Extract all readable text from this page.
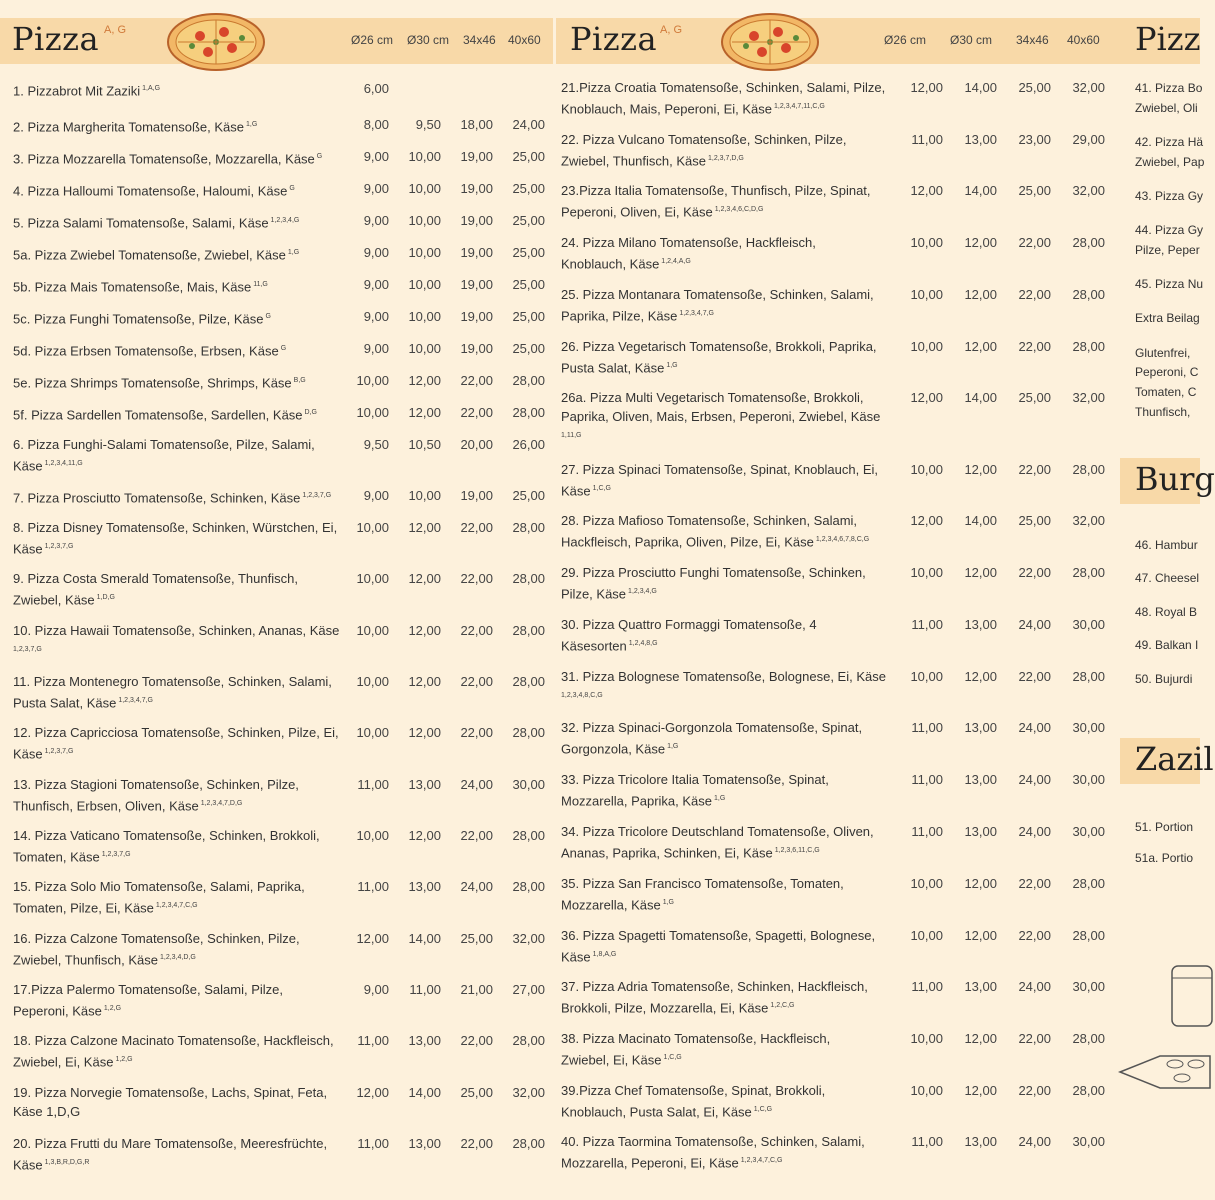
Pizza A, G
Ø26 cm Ø30 cm 34x46 40x60
1. Pizzabrot Mit Zaziki $^{1,A,G}$	6,00
2. Pizza Margherita Tomatensoße, Käse $^{1,G}$	8,00	9,50	18,00	24,00
3. Pizza Mozzarella Tomatensoße, Mozzarella, Käse $^G$	9,00	10,00	19,00	25,00
4. Pizza Halloumi Tomatensoße, Haloumi, Käse $^G$	9,00	10,00	19,00	25,00
5. Pizza Salami Tomatensoße, Salami, Käse $^{1,2,3,4,G}$	9,00	10,00	19,00	25,00
5a. Pizza Zwiebel Tomatensoße, Zwiebel, Käse $^{1,G}$	9,00	10,00	19,00	25,00
5b. Pizza Mais Tomatensoße, Mais, Käse $^{11,G}$	9,00	10,00	19,00	25,00
5c. Pizza Funghi Tomatensoße, Pilze, Käse $^G$	9,00	10,00	19,00	25,00
5d. Pizza Erbsen Tomatensoße, Erbsen, Käse $^G$	9,00	10,00	19,00	25,00
5e. Pizza Shrimps Tomatensoße, Shrimps, Käse $^{B,G}$	10,00	12,00	22,00	28,00
5f. Pizza Sardellen Tomatensoße, Sardellen, Käse $^{D,G}$	10,00	12,00	22,00	28,00
6. Pizza Funghi-Salami Tomatensoße, Pilze, Salami,
Käse $^{1,2,3,4,11,G}$
9,50	10,50	20,00	26,00
7. Pizza Prosciutto Tomatensoße, Schinken, Käse $^{1,2,3,7,G}$	9,00	10,00	19,00	25,00
8. Pizza Disney Tomatensoße, Schinken, Würstchen, Ei,
Käse $^{1,2,3,7,G}$
10,00	12,00	22,00	28,00
9. Pizza Costa Smerald Tomatensoße, Thunfisch,
Zwiebel, Käse $^{1,D,G}$
10,00	12,00	22,00	28,00
10. Pizza Hawaii Tomatensoße, Schinken, Ananas, Käse
$^{1,2,3,7,G}$
10,00	12,00	22,00	28,00
11. Pizza Montenegro Tomatensoße, Schinken, Salami,
Pusta Salat, Käse $^{1,2,3,4,7,G}$
10,00	12,00	22,00	28,00
12. Pizza Capricciosa Tomatensoße, Schinken, Pilze, Ei,
Käse $^{1,2,3,7,G}$
10,00	12,00	22,00	28,00
13. Pizza Stagioni Tomatensoße, Schinken, Pilze,
Thunfisch, Erbsen, Oliven, Käse $^{1,2,3,4,7,D,G}$
11,00	13,00	24,00	30,00
14. Pizza Vaticano Tomatensoße, Schinken, Brokkoli,
Tomaten, Käse $^{1,2,3,7,G}$
10,00	12,00	22,00	28,00
15. Pizza Solo Mio Tomatensoße, Salami, Paprika,
Tomaten, Pilze, Ei, Käse $^{1,2,3,4,7,C,G}$
11,00	13,00	24,00	28,00
16. Pizza Calzone Tomatensoße, Schinken, Pilze,
Zwiebel, Thunfisch, Käse $^{1,2,3,4,D,G}$
12,00	14,00	25,00	32,00
17.Pizza Palermo Tomatensoße, Salami, Pilze,
Peperoni, Käse $^{1,2,G}$
9,00	11,00	21,00	27,00
18. Pizza Calzone Macinato Tomatensoße, Hackfleisch,
Zwiebel, Ei, Käse $^{1,2,G}$
11,00	13,00	22,00	28,00
19. Pizza Norvegie Tomatensoße, Lachs, Spinat, Feta,
Käse 1,D,G
12,00	14,00	25,00	32,00
20. Pizza Frutti du Mare Tomatensoße, Meeresfrüchte,
Käse $^{1,3,B,R,D,G,R}$
11,00	13,00	22,00	28,00
Pizza A, G
Ø26 cm Ø30 cm 34x46 40x60
21.Pizza Croatia Tomatensoße, Schinken, Salami, Pilze,
Knoblauch, Mais, Peperoni, Ei, Käse $^{1,2,3,4,7,11,C,G}$
12,00	14,00	25,00	32,00
22. Pizza Vulcano Tomatensoße, Schinken, Pilze,
Zwiebel, Thunfisch, Käse $^{1,2,3,7,D,G}$
11,00	13,00	23,00	29,00
23.Pizza Italia Tomatensoße, Thunfisch, Pilze, Spinat,
Peperoni, Oliven, Ei, Käse $^{1,2,3,4,6,C,D,G}$
12,00	14,00	25,00	32,00
24. Pizza Milano Tomatensoße, Hackfleisch,
Knoblauch, Käse $^{1,2,4,A,G}$
10,00	12,00	22,00	28,00
25. Pizza Montanara Tomatensoße, Schinken, Salami,
Paprika, Pilze, Käse $^{1,2,3,4,7,G}$
10,00	12,00	22,00	28,00
26. Pizza Vegetarisch Tomatensoße, Brokkoli, Paprika,
Pusta Salat, Käse $^{1,G}$
10,00	12,00	22,00	28,00
26a. Pizza Multi Vegetarisch Tomatensoße, Brokkoli,
Paprika, Oliven, Mais, Erbsen, Peperoni, Zwiebel, Käse
$^{1,11,G}$
12,00	14,00	25,00	32,00
27. Pizza Spinaci Tomatensoße, Spinat, Knoblauch, Ei,
Käse $^{1,C,G}$
10,00	12,00	22,00	28,00
28. Pizza Mafioso Tomatensoße, Schinken, Salami,
Hackfleisch, Paprika, Oliven, Pilze, Ei, Käse $^{1,2,3,4,6,7,8,C,G}$
12,00	14,00	25,00	32,00
29. Pizza Prosciutto Funghi Tomatensoße, Schinken,
Pilze, Käse $^{1,2,3,4,G}$
10,00	12,00	22,00	28,00
30. Pizza Quattro Formaggi Tomatensoße, 4
Käsesorten $^{1,2,4,8,G}$
11,00	13,00	24,00	30,00
31. Pizza Bolognese Tomatensoße, Bolognese, Ei, Käse
$^{1,2,3,4,8,C,G}$
10,00	12,00	22,00	28,00
32. Pizza Spinaci-Gorgonzola Tomatensoße, Spinat,
Gorgonzola, Käse $^{1,G}$
11,00	13,00	24,00	30,00
33. Pizza Tricolore Italia Tomatensoße, Spinat,
Mozzarella, Paprika, Käse $^{1,G}$
11,00	13,00	24,00	30,00
34. Pizza Tricolore Deutschland Tomatensoße, Oliven,
Ananas, Paprika, Schinken, Ei, Käse $^{1,2,3,6,11,C,G}$
11,00	13,00	24,00	30,00
35. Pizza San Francisco Tomatensoße, Tomaten,
Mozzarella, Käse $^{1,G}$
10,00	12,00	22,00	28,00
36. Pizza Spagetti Tomatensoße, Spagetti, Bolognese,
Käse $^{1,8,A,G}$
10,00	12,00	22,00	28,00
37. Pizza Adria Tomatensoße, Schinken, Hackfleisch,
Brokkoli, Pilze, Mozzarella, Ei, Käse $^{1,2,C,G}$
11,00	13,00	24,00	30,00
38. Pizza Macinato Tomatensoße, Hackfleisch,
Zwiebel, Ei, Käse $^{1,C,G}$
10,00	12,00	22,00	28,00
39.Pizza Chef Tomatensoße, Spinat, Brokkoli,
Knoblauch, Pusta Salat, Ei, Käse $^{1,C,G}$
10,00	12,00	22,00	28,00
40. Pizza Taormina Tomatensoße, Schinken, Salami,
Mozzarella, Peperoni, Ei, Käse $^{1,2,3,4,7,C,G}$
11,00	13,00	24,00	30,00
Pizz
41. Pizza Bo
Zwiebel, Oli
42. Pizza Hä
Zwiebel, Pap
43. Pizza Gy
44. Pizza Gy
Pilze, Peper
45. Pizza Nu
Extra Beilag
Glutenfrei,
Peperoni, C
Tomaten, C
Thunfisch,
Burg
46. Hambur
47. Cheesel
48. Royal B
49. Balkan I
50. Bujurdi
Zazil
51. Portion
51a. Portio
